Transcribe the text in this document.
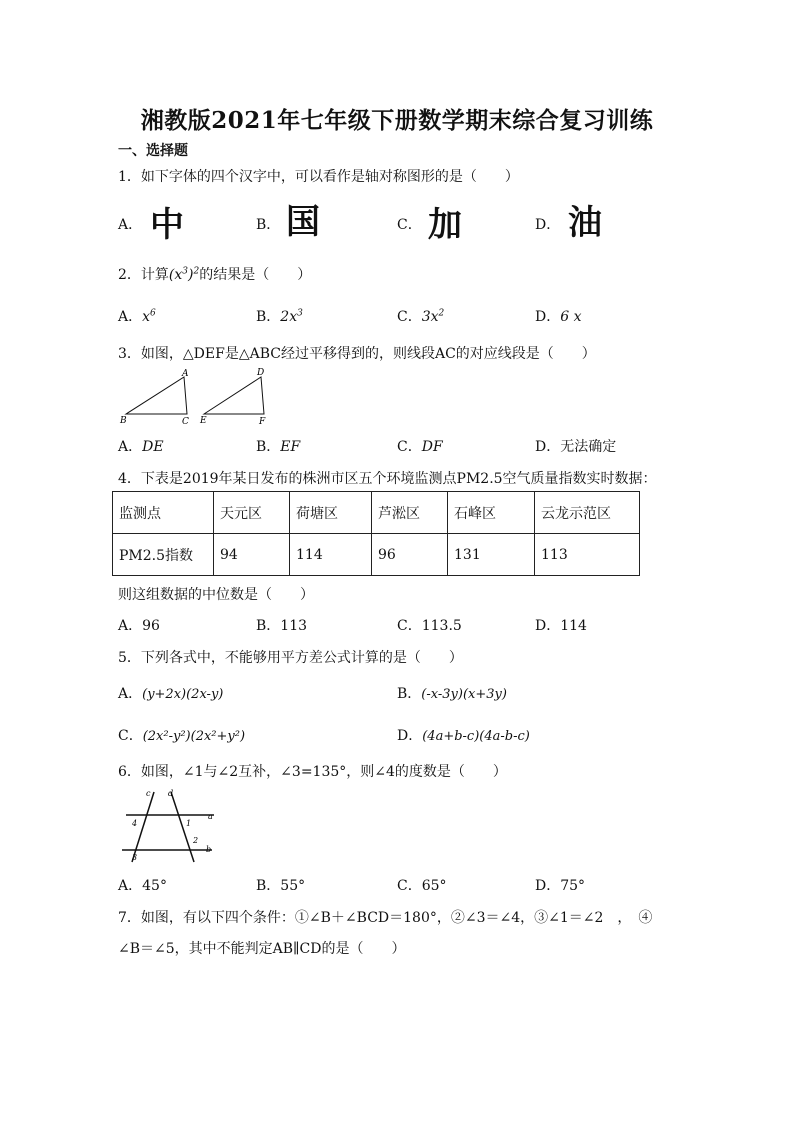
湘教版2021年七年级下册数学期末综合复习训练
一、选择题
1．如下字体的四个汉字中，可以看作是轴对称图形的是（　　）
A． 中	B． 国	C． 加	D． 油
2．计算$(x^3)^2$的结果是（　　）
A．$x^6$	B．$2x^3$	C．$3x^2$	D．6 x
3．如图，△DEF是△ABC经过平移得到的，则线段AC的对应线段是（　　）
A
B	C
D
E	F
A．DE	B．EF	C．DF	D．无法确定
4．下表是2019年某日发布的株洲市区五个环境监测点PM2.5空气质量指数实时数据：
监测点	天元区	荷塘区	芦淞区	石峰区	云龙示范区
PM2.5指数	94	114	96	131	113
则这组数据的中位数是（　　）
A．96	B．113	C．113.5	D．114
5．下列各式中，不能够用平方差公式计算的是（　　）
A．(y+2x)(2x-y)	B．(-x-3y)(x+3y)
C．(2x²-y²)(2x²+y²)	D．(4a+b-c)(4a-b-c)
6．如图，∠1与∠2互补，∠3=135°，则∠4的度数是（　　）
c d
a
b
1
2
3
4
A．45°	B．55°	C．65°	D．75°
7．如图，有以下四个条件：①∠B＋∠BCD＝180°，②∠3＝∠4，③∠1＝∠2　，　④
∠B＝∠5，其中不能判定AB∥CD的是（　　）
